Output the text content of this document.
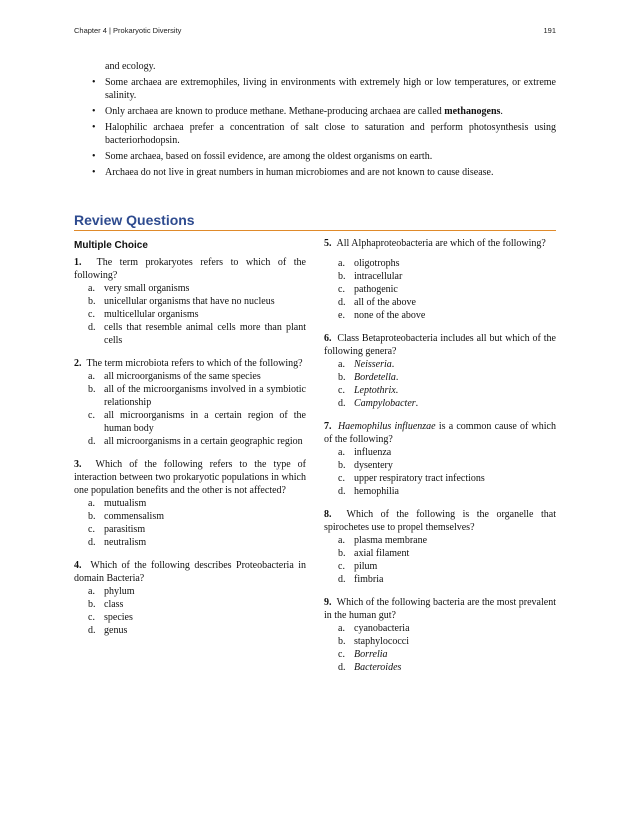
Chapter 4 | Prokaryotic Diversity	191
and ecology.
• Some archaea are extremophiles, living in environments with extremely high or low temperatures, or extreme salinity.
• Only archaea are known to produce methane. Methane-producing archaea are called methanogens.
• Halophilic archaea prefer a concentration of salt close to saturation and perform photosynthesis using bacteriorhodopsin.
• Some archaea, based on fossil evidence, are among the oldest organisms on earth.
• Archaea do not live in great numbers in human microbiomes and are not known to cause disease.
Review Questions
Multiple Choice
1. The term prokaryotes refers to which of the following?
a. very small organisms
b. unicellular organisms that have no nucleus
c. multicellular organisms
d. cells that resemble animal cells more than plant cells
2. The term microbiota refers to which of the following?
a. all microorganisms of the same species
b. all of the microorganisms involved in a symbiotic relationship
c. all microorganisms in a certain region of the human body
d. all microorganisms in a certain geographic region
3. Which of the following refers to the type of interaction between two prokaryotic populations in which one population benefits and the other is not affected?
a. mutualism
b. commensalism
c. parasitism
d. neutralism
4. Which of the following describes Proteobacteria in domain Bacteria?
a. phylum
b. class
c. species
d. genus
5. All Alphaproteobacteria are which of the following?
a. oligotrophs
b. intracellular
c. pathogenic
d. all of the above
e. none of the above
6. Class Betaproteobacteria includes all but which of the following genera?
a. Neisseria.
b. Bordetella.
c. Leptothrix.
d. Campylobacter.
7. Haemophilus influenzae is a common cause of which of the following?
a. influenza
b. dysentery
c. upper respiratory tract infections
d. hemophilia
8. Which of the following is the organelle that spirochetes use to propel themselves?
a. plasma membrane
b. axial filament
c. pilum
d. fimbria
9. Which of the following bacteria are the most prevalent in the human gut?
a. cyanobacteria
b. staphylococci
c. Borrelia
d. Bacteroides
